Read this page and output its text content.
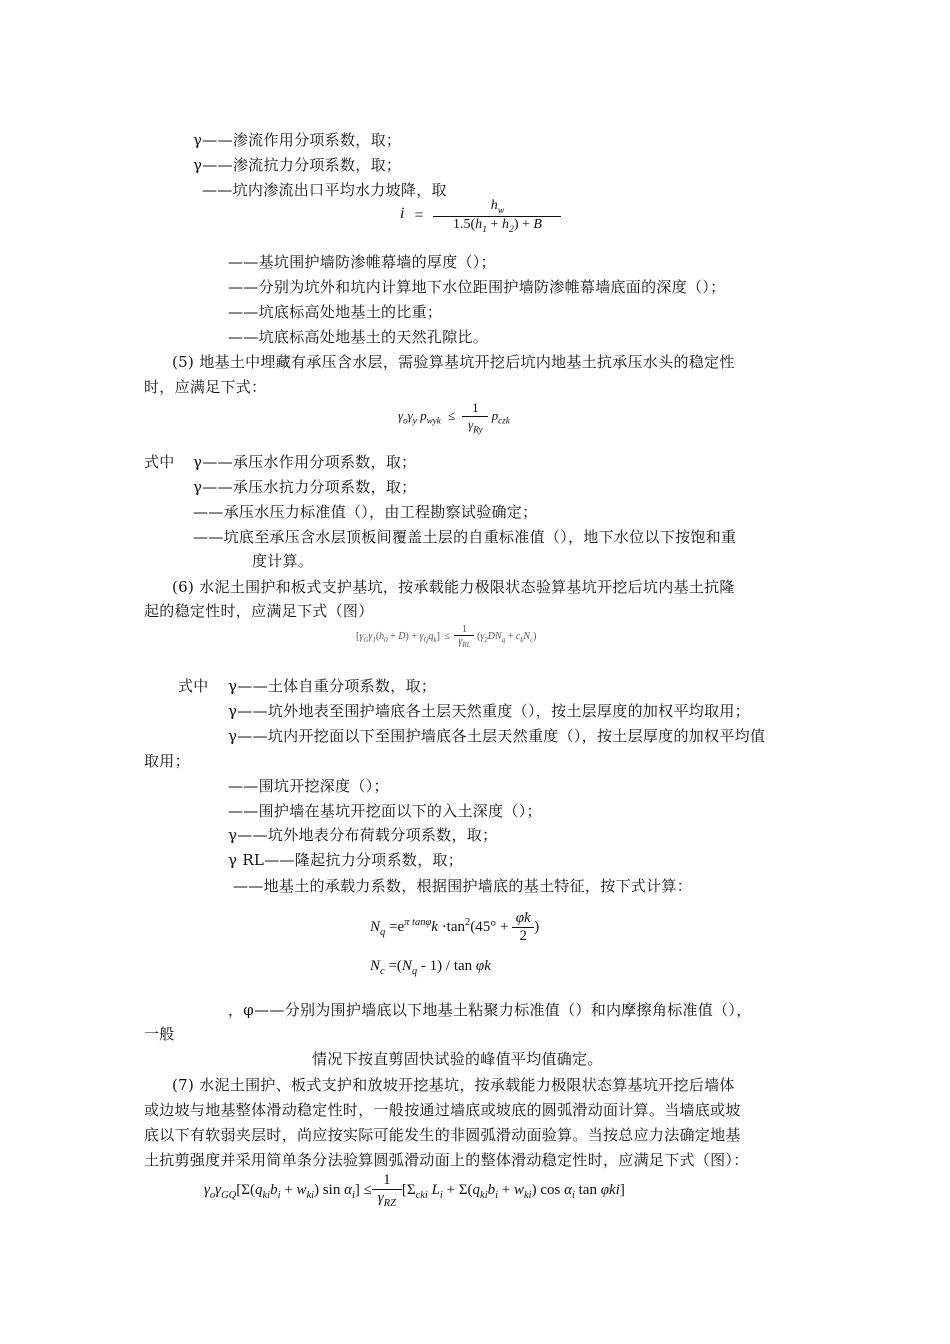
γ——渗流作用分项系数，取；
γ——渗流抗力分项系数，取；
——坑内渗流出口平均水力坡降，取
$i = \frac{h_w}{1.5(h_1 + h_2) + B}$
——基坑围护墙防渗帷幕墙的厚度（）；
——分别为坑外和坑内计算地下水位距围护墙防渗帷幕墙底面的深度（）；
——坑底标高处地基土的比重；
——坑底标高处地基土的天然孔隙比。
(5) 地基土中埋藏有承压含水层，需验算基坑开挖后坑内地基土抗承压水头的稳定性
时，应满足下式：
$\gamma_o\gamma_y$ $p_{wyk} \le \frac{1}{\gamma_{Ry}} p_{czk}$
式中 γ——承压水作用分项系数，取；
γ——承压水抗力分项系数，取；
——承压水压力标准值（），由工程勘察试验确定；
——坑底至承压含水层顶板间覆盖土层的自重标准值（），地下水位以下按饱和重
度计算。
(6) 水泥土围护和板式支护基坑，按承载能力极限状态验算基坑开挖后坑内基土抗隆
起的稳定性时，应满足下式（图）
$[\gamma_G\gamma_1(h_0 + D) + \gamma_Qq_k] \le \frac{1}{\gamma_{RL}} (\gamma_2DN_q + c_kN_c)$
式中 γ——土体自重分项系数，取；
γ——坑外地表至围护墙底各土层天然重度（），按土层厚度的加权平均取用；
γ——坑内开挖面以下至围护墙底各土层天然重度（），按土层厚度的加权平均值
取用；
——围坑开挖深度（）；
——围护墙在基坑开挖面以下的入土深度（）；
γ——坑外地表分布荷载分项系数，取；
γ RL——隆起抗力分项系数，取；
——地基土的承载力系数，根据围护墙底的基土特征，按下式计算：
$N_q =e^{\pi tan\varphi}k \cdot\tan^2(45^\circ + \frac{\varphi k}{2}$ )
$N_c =(N_q - 1) / \tan \varphi k$
，φ——分别为围护墙底以下地基土粘聚力标准值（）和内摩擦角标准值（），
一般
情况下按直剪固快试验的峰值平均值确定。
(7) 水泥土围护、板式支护和放坡开挖基坑，按承载能力极限状态算基坑开挖后墙体
或边坡与地基整体滑动稳定性时，一般按通过墙底或坡底的圆弧滑动面计算。当墙底或坡
底以下有软弱夹层时，尚应按实际可能发生的非圆弧滑动面验算。当按总应力法确定地基
土抗剪强度并采用简单条分法验算圆弧滑动面上的整体滑动稳定性时，应满足下式（图）：
$\gamma_o\gamma_{GQ}[\Sigma(q_{ki}b_i + w_{ki})$ $\sin \alpha_i] \le \frac{1}{\gamma_{RZ}} [\Sigma_{cki}$ $L_i + \Sigma(q_{ki}b_i + w_{ki})$ $\cos \alpha_i$ tan φki]
